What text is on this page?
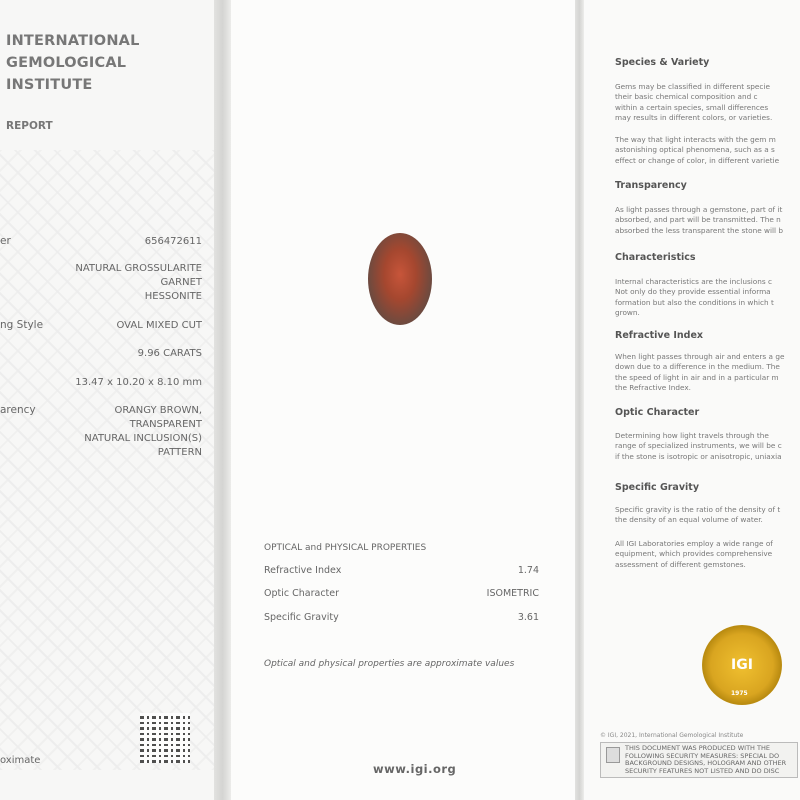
INTERNATIONAL
GEMOLOGICAL
INSTITUTE
REPORT
er	656472611
NATURAL GROSSULARITE
GARNET
HESSONITE
ng Style	OVAL MIXED CUT
9.96 CARATS
13.47 x 10.20 x 8.10 mm
arency	ORANGY BROWN,
TRANSPARENT
NATURAL INCLUSION(S)
PATTERN
oximate
OPTICAL and PHYSICAL PROPERTIES
Refractive Index	1.74
Optic Character	ISOMETRIC
Specific Gravity	3.61
Optical and physical properties are approximate values
www.igi.org
Species & Variety
Gems may be classified in different specie
their basic chemical composition and c
within a certain species, small differences
may results in different colors, or varieties.
The way that light interacts with the gem m
astonishing optical phenomena, such as a s
effect or change of color, in different varietie
Transparency
As light passes through a gemstone, part of it
absorbed, and part will be transmitted. The n
absorbed the less transparent the stone will b
Characteristics
Internal characteristics are the inclusions c
Not only do they provide essential informa
formation but also the conditions in which t
grown.
Refractive Index
When light passes through air and enters a ge
down due to a difference in the medium. The
the speed of light in air and in a particular m
the Refractive Index.
Optic Character
Determining how light travels through the
range of specialized instruments, we will be c
if the stone is isotropic or anisotropic, uniaxia
Specific Gravity
Specific gravity is the ratio of the density of t
the density of an equal volume of water.
All IGI Laboratories employ a wide range of
equipment, which provides comprehensive
assessment of different gemstones.
IGI
1975
© IGI, 2021, International Gemological Institute
THIS DOCUMENT WAS PRODUCED WITH THE FOLLOWING SECURITY MEASURES: SPECIAL DO
BACKGROUND DESIGNS, HOLOGRAM AND OTHER SECURITY FEATURES NOT LISTED AND DO DISC
